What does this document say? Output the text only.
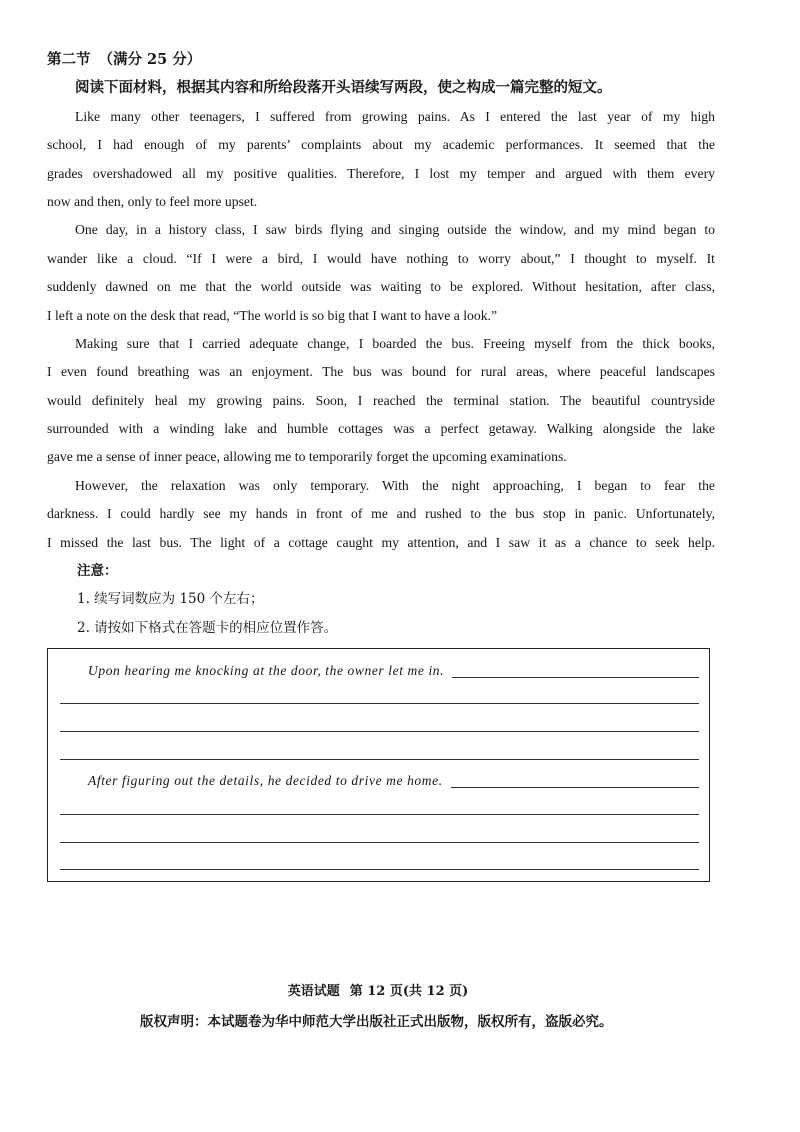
第二节 （满分 25 分）
阅读下面材料，根据其内容和所给段落开头语续写两段，使之构成一篇完整的短文。
Like many other teenagers, I suffered from growing pains. As I entered the last year of my high
school, I had enough of my parents’ complaints about my academic performances. It seemed that the
grades overshadowed all my positive qualities. Therefore, I lost my temper and argued with them every
now and then, only to feel more upset.
One day, in a history class, I saw birds flying and singing outside the window, and my mind began to
wander like a cloud. “If I were a bird, I would have nothing to worry about,” I thought to myself. It
suddenly dawned on me that the world outside was waiting to be explored. Without hesitation, after class,
I left a note on the desk that read, “The world is so big that I want to have a look.”
Making sure that I carried adequate change, I boarded the bus. Freeing myself from the thick books,
I even found breathing was an enjoyment. The bus was bound for rural areas, where peaceful landscapes
would definitely heal my growing pains. Soon, I reached the terminal station. The beautiful countryside
surrounded with a winding lake and humble cottages was a perfect getaway. Walking alongside the lake
gave me a sense of inner peace, allowing me to temporarily forget the upcoming examinations.
However, the relaxation was only temporary. With the night approaching, I began to fear the
darkness. I could hardly see my hands in front of me and rushed to the bus stop in panic. Unfortunately,
I missed the last bus. The light of a cottage caught my attention, and I saw it as a chance to seek help.
注意：
1. 续写词数应为 150 个左右；
2. 请按如下格式在答题卡的相应位置作答。
Upon hearing me knocking at the door, the owner let me in.
After figuring out the details, he decided to drive me home.
英语试题 第 12 页(共 12 页)
版权声明：本试题卷为华中师范大学出版社正式出版物，版权所有，盗版必究。
